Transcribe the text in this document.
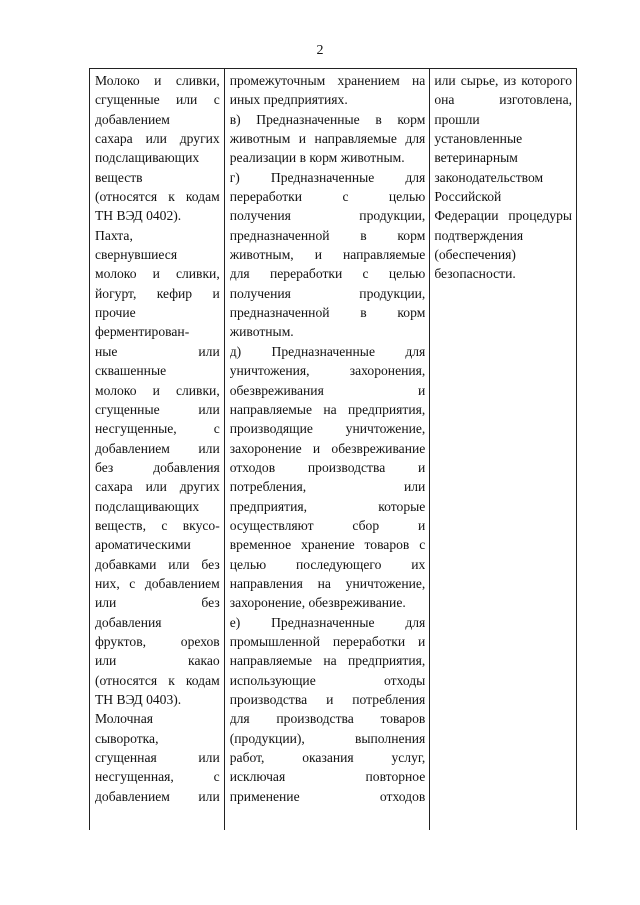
2
Молоко и сливки,
сгущенные или с
добавлением
сахара или других
подслащивающих
веществ
(относятся к кодам
ТН ВЭД 0402).
Пахта,
свернувшиеся
молоко и сливки,
йогурт, кефир и
прочие
ферментирован-
ные или
сквашенные
молоко и сливки,
сгущенные или
несгущенные, с
добавлением или
без добавления
сахара или других
подслащивающих
веществ, с вкусо-
ароматическими
добавками или без
них, с добавлением
или без
добавления
фруктов, орехов
или какао
(относятся к кодам
ТН ВЭД 0403).
Молочная
сыворотка,
сгущенная или
несгущенная, с
добавлением или
промежуточным хранением на
иных предприятиях.
в) Предназначенные в корм
животным и направляемые для
реализации в корм животным.
г) Предназначенные для
переработки с целью
получения продукции,
предназначенной в корм
животным, и направляемые
для переработки с целью
получения продукции,
предназначенной в корм
животным.
д) Предназначенные для
уничтожения, захоронения,
обезвреживания и
направляемые на предприятия,
производящие уничтожение,
захоронение и обезвреживание
отходов производства и
потребления, или
предприятия, которые
осуществляют сбор и
временное хранение товаров с
целью последующего их
направления на уничтожение,
захоронение, обезвреживание.
е) Предназначенные для
промышленной переработки и
направляемые на предприятия,
использующие отходы
производства и потребления
для производства товаров
(продукции), выполнения
работ, оказания услуг,
исключая повторное
применение отходов
или сырье, из которого
она изготовлена,
прошли
установленные
ветеринарным
законодательством
Российской
Федерации процедуры
подтверждения
(обеспечения)
безопасности.
